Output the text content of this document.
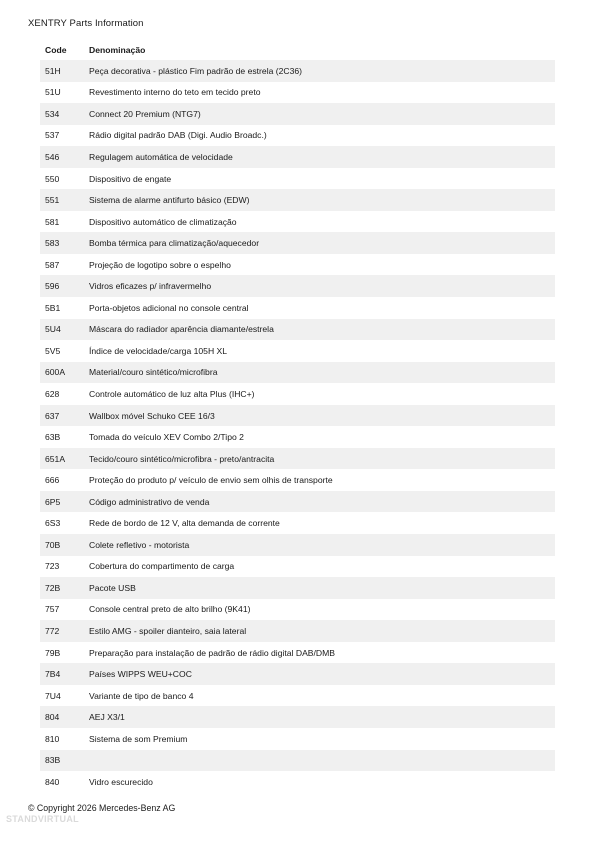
XENTRY Parts Information
Code	Denominação
51H	Peça decorativa - plástico Fim padrão de estrela (2C36)
51U	Revestimento interno do teto em tecido preto
534	Connect 20 Premium (NTG7)
537	Rádio digital padrão DAB (Digi. Audio Broadc.)
546	Regulagem automática de velocidade
550	Dispositivo de engate
551	Sistema de alarme antifurto básico (EDW)
581	Dispositivo automático de climatização
583	Bomba térmica para climatização/aquecedor
587	Projeção de logotipo sobre o espelho
596	Vidros eficazes p/ infravermelho
5B1	Porta-objetos adicional no console central
5U4	Máscara do radiador aparência diamante/estrela
5V5	Índice de velocidade/carga 105H XL
600A	Material/couro sintético/microfibra
628	Controle automático de luz alta Plus (IHC+)
637	Wallbox móvel Schuko CEE 16/3
63B	Tomada do veículo XEV Combo 2/Tipo 2
651A	Tecido/couro sintético/microfibra - preto/antracita
666	Proteção do produto p/ veículo de envio sem olhis de transporte
6P5	Código administrativo de venda
6S3	Rede de bordo de 12 V, alta demanda de corrente
70B	Colete refletivo - motorista
723	Cobertura do compartimento de carga
72B	Pacote USB
757	Console central preto de alto brilho (9K41)
772	Estilo AMG - spoiler dianteiro, saia lateral
79B	Preparação para instalação de padrão de rádio digital DAB/DMB
7B4	Países WIPPS WEU+COC
7U4	Variante de tipo de banco 4
804	AEJ X3/1
810	Sistema de som Premium
83B	
840	Vidro escurecido
© Copyright 2026 Mercedes-Benz AG
STANDVIRTUAL
